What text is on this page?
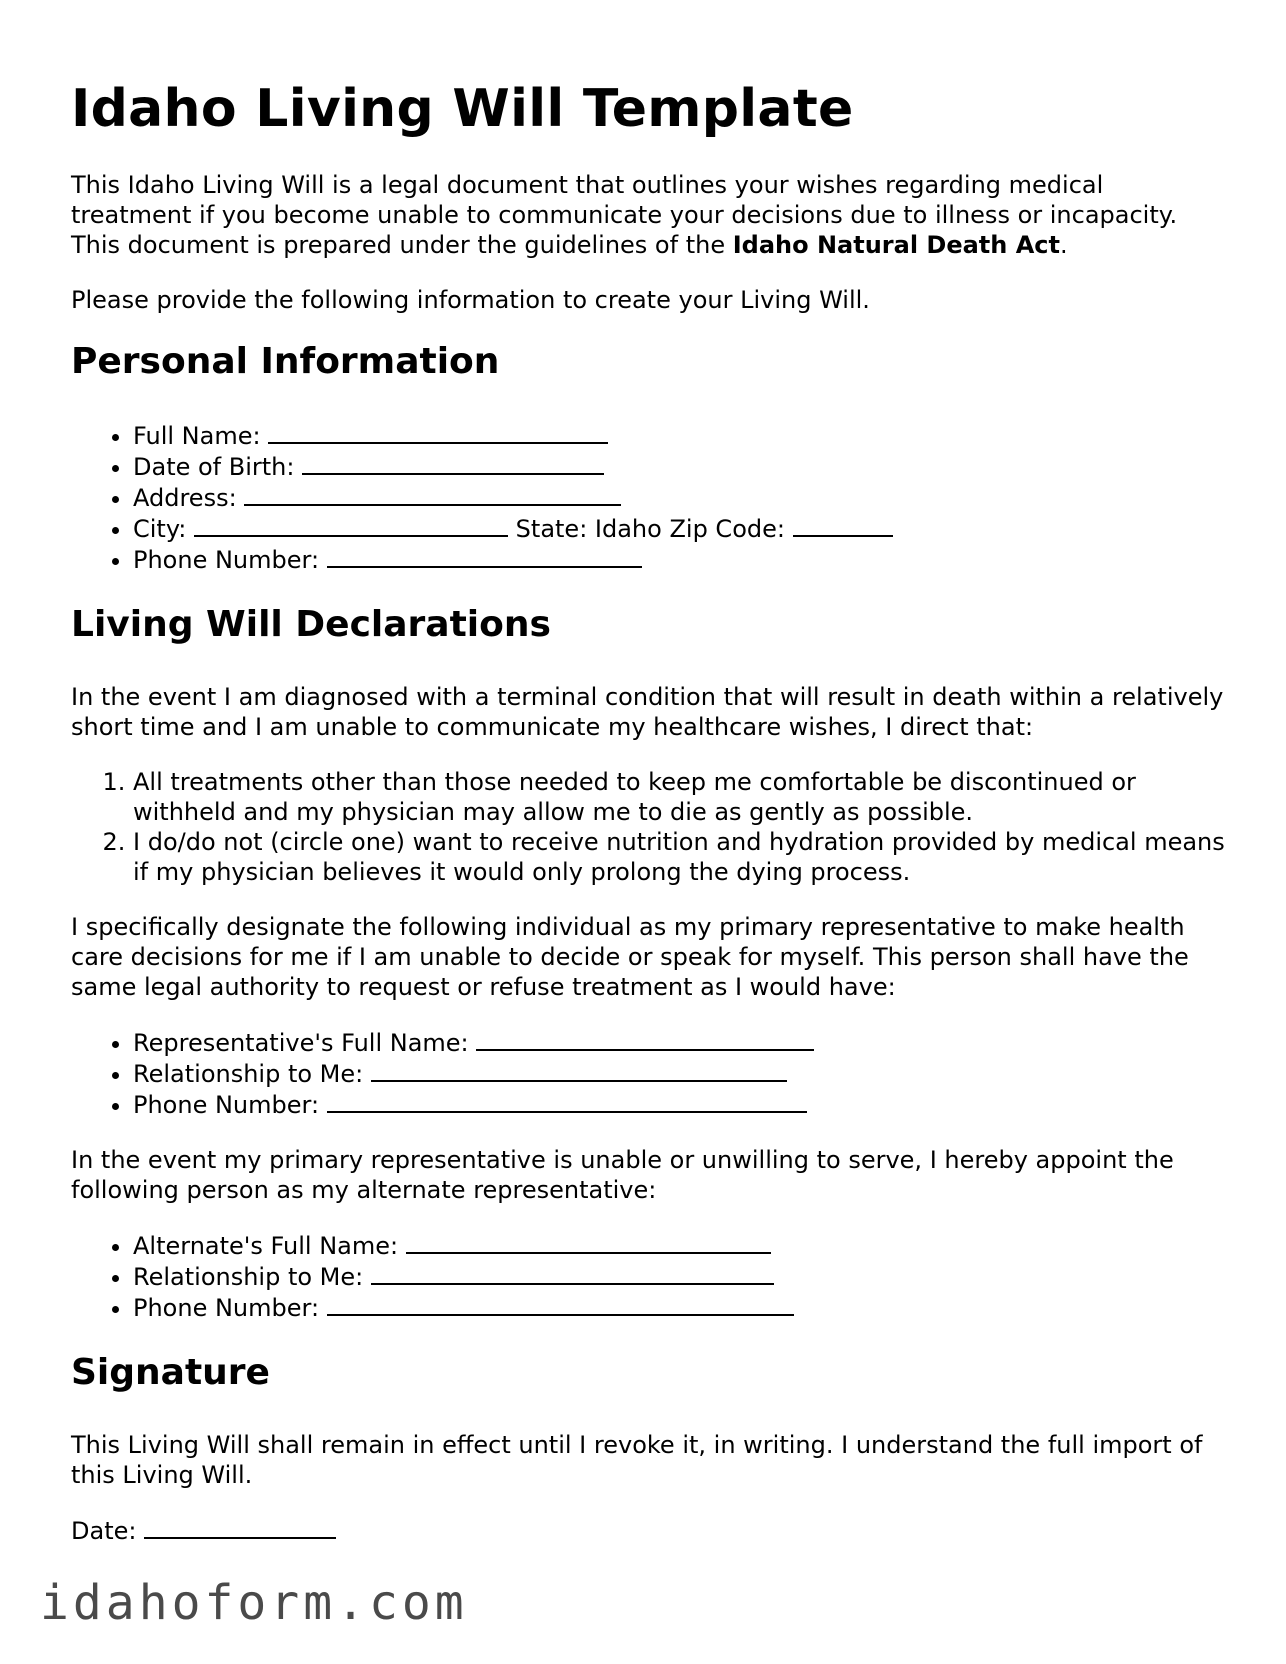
Idaho Living Will Template

This Idaho Living Will is a legal document that outlines your wishes regarding medical treatment if you become unable to communicate your decisions due to illness or incapacity. This document is prepared under the guidelines of the Idaho Natural Death Act.

Please provide the following information to create your Living Will.

Personal Information
• Full Name:
• Date of Birth:
• Address:
• City:	State: Idaho Zip Code:
• Phone Number:
Living Will Declarations

In the event I am diagnosed with a terminal condition that will result in death within a relatively short time and I am unable to communicate my healthcare wishes, I direct that:

1. All treatments other than those needed to keep me comfortable be discontinued or withheld and my physician may allow me to die as gently as possible.
2. I do/do not (circle one) want to receive nutrition and hydration provided by medical means if my physician believes it would only prolong the dying process.

I specifically designate the following individual as my primary representative to make health care decisions for me if I am unable to decide or speak for myself. This person shall have the same legal authority to request or refuse treatment as I would have:

• Representative's Full Name:
• Relationship to Me:
• Phone Number:

In the event my primary representative is unable or unwilling to serve, I hereby appoint the following person as my alternate representative:

• Alternate's Full Name:
• Relationship to Me:
• Phone Number:
Signature

This Living Will shall remain in effect until I revoke it, in writing. I understand the full import of this Living Will.

Date:

idahoform.com
